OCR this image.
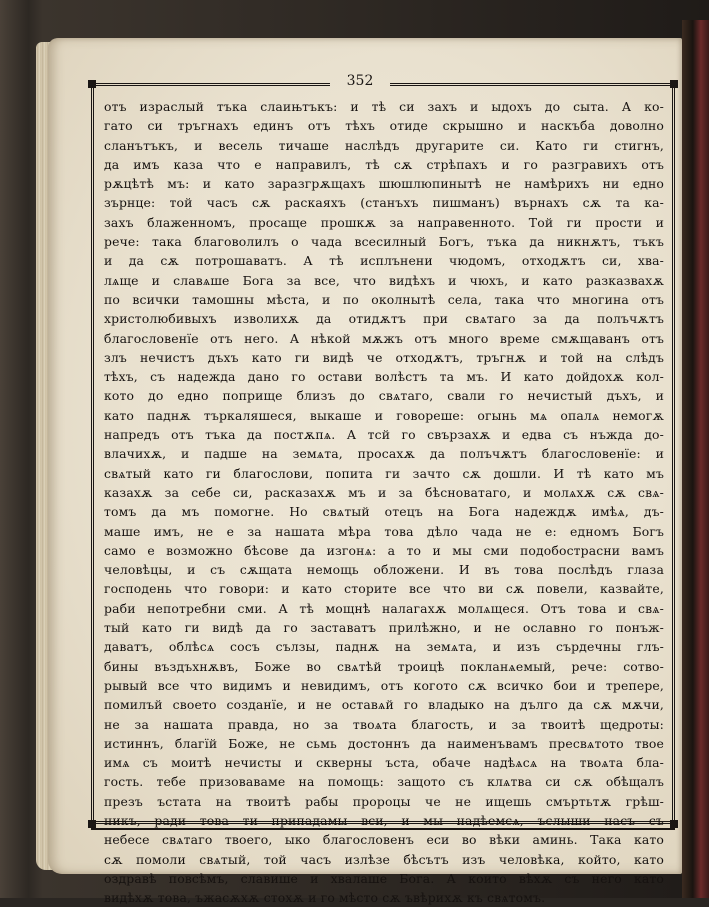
352
отъ израслый тъка слаињтъкъ: и тѣ си захъ и ыдохъ до сыта. А ко-
гато си тръгнахъ единъ отъ тѣхъ отиде скрышно и наскъба доволно
сланътъкъ, и весель тичаше наслѣдъ другарите си. Като ги стигнъ,
да имъ каза что е направилъ, тѣ сѫ стрѣпахъ и го разгравихъ отъ
рѫцѣтѣ мъ: и като заразгрѫщахъ шюшлюпинытѣ не намѣрихъ ни едно
зърнце: той часъ сѫ раскаяхъ (станъхъ пишманъ) върнахъ сѫ та ка-
захъ блаженномъ, просаще прошкѫ за направенното. Той ги прости и
рече: така благоволилъ о чада всесилный Богъ, тъка да никнѫтъ, тъкъ
и да сѫ потрошаватъ. А тѣ исплънени чюдомъ, отходѫтъ си, хва-
лѧще и славѧше Бога за все, что видѣхъ и чюхъ, и като разказвахѫ
по всички тамошны мѣста, и по околнытѣ села, така что многина отъ
христолюбивыхъ изволихѫ да отидѫтъ при свѧтаго за да полъчѫтъ
благословенїе отъ него. А нѣкой мѫжъ отъ много време смѫщаванъ отъ
злъ нечистъ дъхъ като ги видѣ че отходѫтъ, тръгнѫ и той на слѣдъ
тѣхъ, съ надежда дано го остави волѣстъ та мъ. И като дойдохѫ кол-
кото до едно поприще близъ до свѧтаго, свали го нечистый дъхъ, и
като паднѫ търкаляшеся, выкаше и говореше: огынь мѧ опалѧ немогѫ
напредъ отъ тъка да постѫпѧ. А тсй го свързахѫ и едва съ нъжда до-
влачихѫ, и падше на земѧта, просахѫ да полъчѫтъ благословенїе: и
свѧтый като ги благослови, попита ги зачто сѫ дошли. И тѣ като мъ
казахѫ за себе си, расказахѫ мъ и за бѣсноватаго, и молѧхѫ сѫ свѧ-
томъ да мъ помогне. Но свѧтый отецъ на Бога надеждѫ имѣѧ, дъ-
маше имъ, не е за нашата мѣра това дѣло чада не е: едномъ Богъ
само е возможно бѣсове да изгонѧ: а то и мы сми подобострасни вамъ
человѣцы, и съ сѫщата немощь обложени. И въ това послѣдъ глаза
господень что говори: и като сторите все что ви сѫ повели, казвайте,
раби непотребни сми. А тѣ мощнѣ налагахѫ молѧщеся. Отъ това и свѧ-
тый като ги видѣ да го заставатъ прилѣжно, и не ославно го понъж-
даватъ, облѣсѧ сосъ сълзы, паднѫ на земѧта, и изъ сърдечны глъ-
бины въздъхнѫвъ, Боже во свѧтѣй троицѣ покланѧемый, рече: сотво-
рывый все что видимъ и невидимъ, отъ когото сѫ всичко бои и трепере,
помилъй своето созданїе, и не оставѧй го владыко на дълго да сѫ мѫчи,
не за нашата правда, но за твоѧта благость, и за твоитѣ щедроты:
истиннъ, благїй Боже, не сьмь достоннъ да наименъвамъ пресвѧтото твое
имѧ съ моитѣ нечисты и скверны ъста, обаче надѣѧсѧ на твоѧта бла-
гость. тебе призоваваме на помощь: защото съ клѧтва си сѫ обѣщалъ
презъ ъстата на твоитѣ рабы пророцы че не ищешь смъртьтѫ грѣш-
никъ, ради това ти припадамы вси, и мы надѣемсѧ, ъслыши насъ съ
небесе свѧтаго твоего, ыко благословенъ еси во вѣки аминь. Така като
сѫ помоли свѧтый, той часъ излѣзе бѣсътъ изъ человѣка, който, като
оздравѣ повсѣмъ, славише и хвалаше Бога. А които вѣхѫ съ него като
видѣхѫ това, ъжасѫхѫ стохѫ и го мѣсто сѫ ъвѣрихѫ къ свѧтомъ.
